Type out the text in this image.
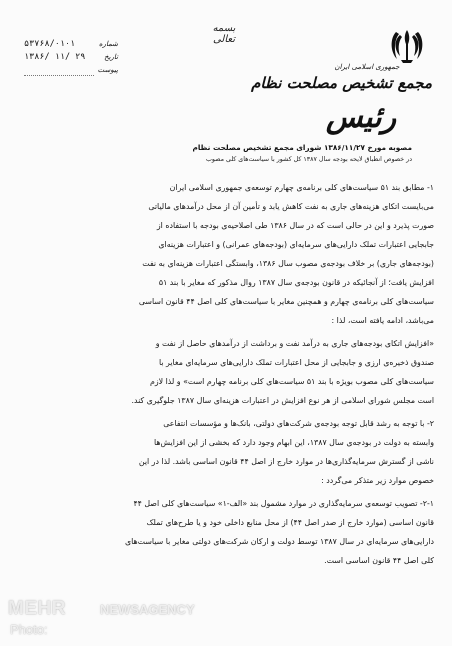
بسمه تعالی
جمهوری اسلامی ایران
مجمع تشخیص مصلحت نظام
رئیس
۵۳۷۶۸/۰۱۰۱	شماره
۱۳۸۶/ ۱۱/ ۲۹	تاریخ
پیوست
مصوبه مورخ ۱۳۸۶/۱۱/۲۷ شورای مجمع تشخیص مصلحت نظام
در خصوص انطباق لایحه بودجه سال ۱۳۸۷ کل کشور با سیاست‌های کلی مصوب
۱- مطابق بند ۵۱ سیاست‌های کلی برنامه‌ی چهارم توسعه‌ی جمهوری اسلامی ایران
می‌بایست اتکای هزینه‌های جاری به نفت کاهش یابد و تأمین آن از محل درآمدهای مالیاتی
صورت پذیرد و این در حالی است که در سال ۱۳۸۶ طی اصلاحیه‌ی بودجه با استفاده از
جابجایی اعتبارات تملک دارایی‌های سرمایه‌ای (بودجه‌های عمرانی) و اعتبارات هزینه‌ای
(بودجه‌های جاری) بر خلاف بودجه‌ی مصوب سال ۱۳۸۶، وابستگی اعتبارات هزینه‌ای به نفت
افزایش یافت؛ از آنجائیکه در قانون بودجه‌ی سال ۱۳۸۷ روال مذکور که مغایر با بند ۵۱
سیاست‌های کلی برنامه‌ی چهارم و همچنین مغایر با سیاست‌های کلی اصل ۴۴ قانون اساسی
می‌باشد، ادامه یافته است، لذا :
«افزایش اتکای بودجه‌های جاری به درآمد نفت و برداشت از درآمدهای حاصل از نفت و
صندوق ذخیره‌ی ارزی و جابجایی از محل اعتبارات تملک دارایی‌های سرمایه‌ای مغایر با
سیاست‌های کلی مصوب بویژه با بند ۵۱ سیاست‌های کلی برنامه چهارم است» و لذا لازم
است مجلس شورای اسلامی از هر نوع افزایش در اعتبارات هزینه‌ای سال ۱۳۸۷ جلوگیری کند.
۲- با توجه به رشد قابل توجه بودجه‌ی شرکت‌های دولتی، بانک‌ها و مؤسسات انتفاعی
وابسته به دولت در بودجه‌ی سال ۱۳۸۷، این ابهام وجود دارد که بخشی از این افزایش‌ها
ناشی از گسترش سرمایه‌گذاری‌ها در موارد خارج از اصل ۴۴ قانون اساسی باشد. لذا در این
خصوص موارد زیر متذکر می‌گردد :
۲-۱- تصویب توسعه‌ی سرمایه‌گذاری در موارد مشمول بند «الف-۱» سیاست‌های کلی اصل ۴۴
قانون اساسی (موارد خارج از صدر اصل ۴۴) از محل منابع داخلی خود و یا طرح‌های تملک
دارایی‌های سرمایه‌ای در سال ۱۳۸۷ توسط دولت و ارکان شرکت‌های دولتی مغایر با سیاست‌های
کلی اصل ۴۴ قانون اساسی است.
MEHR	NEWSAGENCY
Photo:
